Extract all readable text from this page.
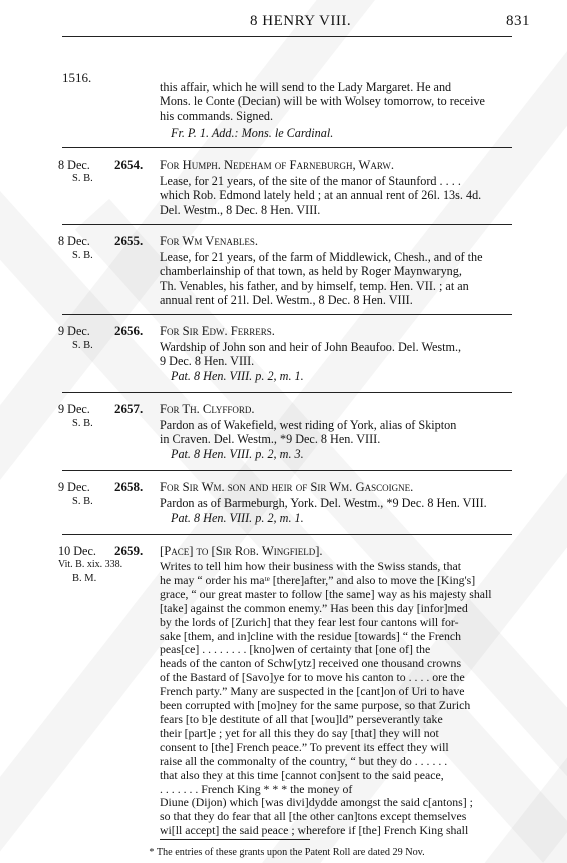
8 HENRY VIII.	831
1516.
this affair, which he will send to the Lady Margaret. He and
Mons. le Conte (Decian) will be with Wolsey tomorrow, to receive
his commands. Signed.
Fr. P. 1. Add.: Mons. le Cardinal.
8 Dec.
S. B.
2654. For Humph. Nedeham of Farneburgh, Warw.
Lease, for 21 years, of the site of the manor of Staunford . . . .
which Rob. Edmond lately held ; at an annual rent of 26l. 13s. 4d.
Del. Westm., 8 Dec. 8 Hen. VIII.
8 Dec.
S. B.
2655. For Wm Venables.
Lease, for 21 years, of the farm of Middlewick, Chesh., and of the
chamberlainship of that town, as held by Roger Maynwaryng,
Th. Venables, his father, and by himself, temp. Hen. VII. ; at an
annual rent of 21l. Del. Westm., 8 Dec. 8 Hen. VIII.
9 Dec.
S. B.
2656. For Sir Edw. Ferrers.
Wardship of John son and heir of John Beaufoo. Del. Westm.,
9 Dec. 8 Hen. VIII.
Pat. 8 Hen. VIII. p. 2, m. 1.
9 Dec.
S. B.
2657. For Th. Clyfford.
Pardon as of Wakefield, west riding of York, alias of Skipton
in Craven. Del. Westm., *9 Dec. 8 Hen. VIII.
Pat. 8 Hen. VIII. p. 2, m. 3.
9 Dec.
S. B.
2658. For Sir Wm. son and heir of Sir Wm. Gascoigne.
Pardon as of Barmeburgh, York. Del. Westm., *9 Dec. 8 Hen. VIII.
Pat. 8 Hen. VIII. p. 2, m. 1.
10 Dec.
Vit. B. xix. 338.
B. M.
2659. [Pace] to [Sir Rob. Wingfield].
Writes to tell him how their business with the Swiss stands, that
he may “ order his maᵗᵉ [there]after,” and also to move the [King's]
grace, “ our great master to follow [the same] way as his majesty shall
[take] against the common enemy.” Has been this day [infor]med
by the lords of [Zurich] that they fear lest four cantons will for-
sake [them, and in]cline with the residue [towards] “ the French
peas[ce] . . . . . . . . [kno]wen of certainty that [one of] the
heads of the canton of Schw[ytz] received one thousand crowns
of the Bastard of [Savo]ye for to move his canton to . . . . ore the
French party.” Many are suspected in the [cant]on of Uri to have
been corrupted with [mo]ney for the same purpose, so that Zurich
fears [to b]e destitute of all that [wou]ld” perseverantly take
their [part]e ; yet for all this they do say [that] they will not
consent to [the] French peace.” To prevent its effect they will
raise all the commonalty of the country, “ but they do . . . . . .
that also they at this time [cannot con]sent to the said peace,
. . . . . . . French King * * * the money of
Diune (Dijon) which [was divi]dydde amongst the said c[antons] ;
so that they do fear that all [the other can]tons except themselves
wi[ll accept] the said peace ; wherefore if [the] French King shall
* The entries of these grants upon the Patent Roll are dated 29 Nov.
